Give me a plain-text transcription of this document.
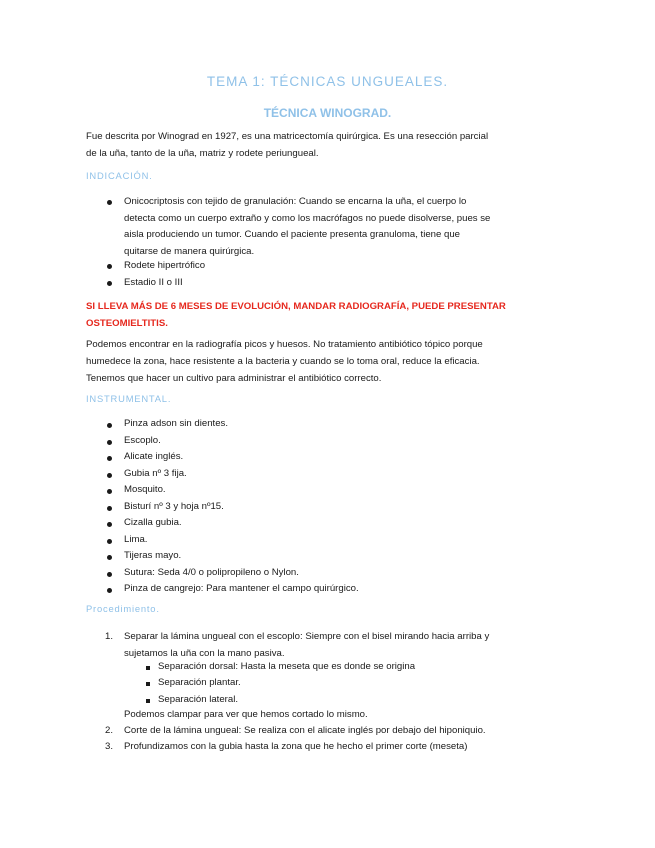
TEMA 1: TÉCNICAS UNGUEALES.
TÉCNICA WINOGRAD.
Fue descrita por Winograd en 1927, es una matricectomía quirúrgica. Es una resección parcial
de la uña, tanto de la uña, matriz y rodete periungueal.
INDICACIÓN.
Onicocriptosis con tejido de granulación: Cuando se encarna la uña, el cuerpo lo
detecta como un cuerpo extraño y como los macrófagos no puede disolverse, pues se
aisla produciendo un tumor. Cuando el paciente presenta granuloma, tiene que
quitarse de manera quirúrgica.
Rodete hipertrófico
Estadio II o III
SI LLEVA MÁS DE 6 MESES DE EVOLUCIÓN, MANDAR RADIOGRAFÍA, PUEDE PRESENTAR
OSTEOMIELTITIS.
Podemos encontrar en la radiografía picos y huesos. No tratamiento antibiótico tópico porque
humedece la zona, hace resistente a la bacteria y cuando se lo toma oral, reduce la eficacia.
Tenemos que hacer un cultivo para administrar el antibiótico correcto.
INSTRUMENTAL.
Pinza adson sin dientes.
Escoplo.
Alicate inglés.
Gubia nº 3 fija.
Mosquito.
Bisturí nº 3 y hoja nº15.
Cizalla gubia.
Lima.
Tijeras mayo.
Sutura: Seda 4/0 o polipropileno o Nylon.
Pinza de cangrejo: Para mantener el campo quirúrgico.
Procedimiento.
1. Separar la lámina ungueal con el escoplo: Siempre con el bisel mirando hacia arriba y
sujetamos la uña con la mano pasiva.
Separación dorsal: Hasta la meseta que es donde se origina
Separación plantar.
Separación lateral.
Podemos clampar para ver que hemos cortado lo mismo.
2. Corte de la lámina ungueal: Se realiza con el alicate inglés por debajo del hiponiquio.
3. Profundizamos con la gubia hasta la zona que he hecho el primer corte (meseta)
